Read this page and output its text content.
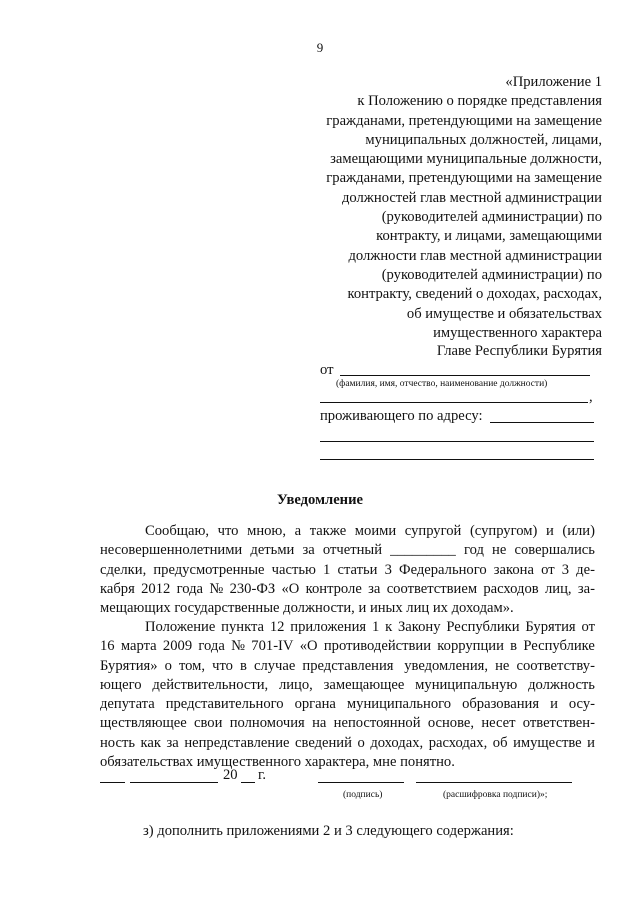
9
«Приложение 1
к Положению о порядке представления
гражданами, претендующими на замещение
муниципальных должностей, лицами,
замещающими муниципальные должности,
гражданами, претендующими на замещение
должностей глав местной администрации
(руководителей администрации) по
контракту, и лицами, замещающими
должности глав местной администрации
(руководителей администрации) по
контракту, сведений о доходах, расходах,
об имуществе и обязательствах
имущественного характера
Главе Республики Бурятия
от
(фамилия, имя, отчество, наименование должности)
,
проживающего по адресу:
Уведомление
Сообщаю, что мною, а также моими супругой (супругом) и (или)
несовершеннолетними детьми за отчетный _________ год не совершались
сделки, предусмотренные частью 1 статьи 3 Федерального закона от 3 де-
кабря 2012 года № 230-ФЗ «О контроле за соответствием расходов лиц, за-
мещающих государственные должности, и иных лиц их доходам».
Положение пункта 12 приложения 1 к Закону Республики Бурятия от
16 марта 2009 года № 701-IV «О противодействии коррупции в Республике
Бурятия» о том, что в случае представления уведомления, не соответству-
ющего действительности, лицо, замещающее муниципальную должность
депутата представительного органа муниципального образования и осу-
ществляющее свои полномочия на непостоянной основе, несет ответствен-
ность как за непредставление сведений о доходах, расходах, об имуществе и
обязательствах имущественного характера, мне понятно.
20 г.
(подпись)	(расшифровка подписи)»;
з) дополнить приложениями 2 и 3 следующего содержания:
